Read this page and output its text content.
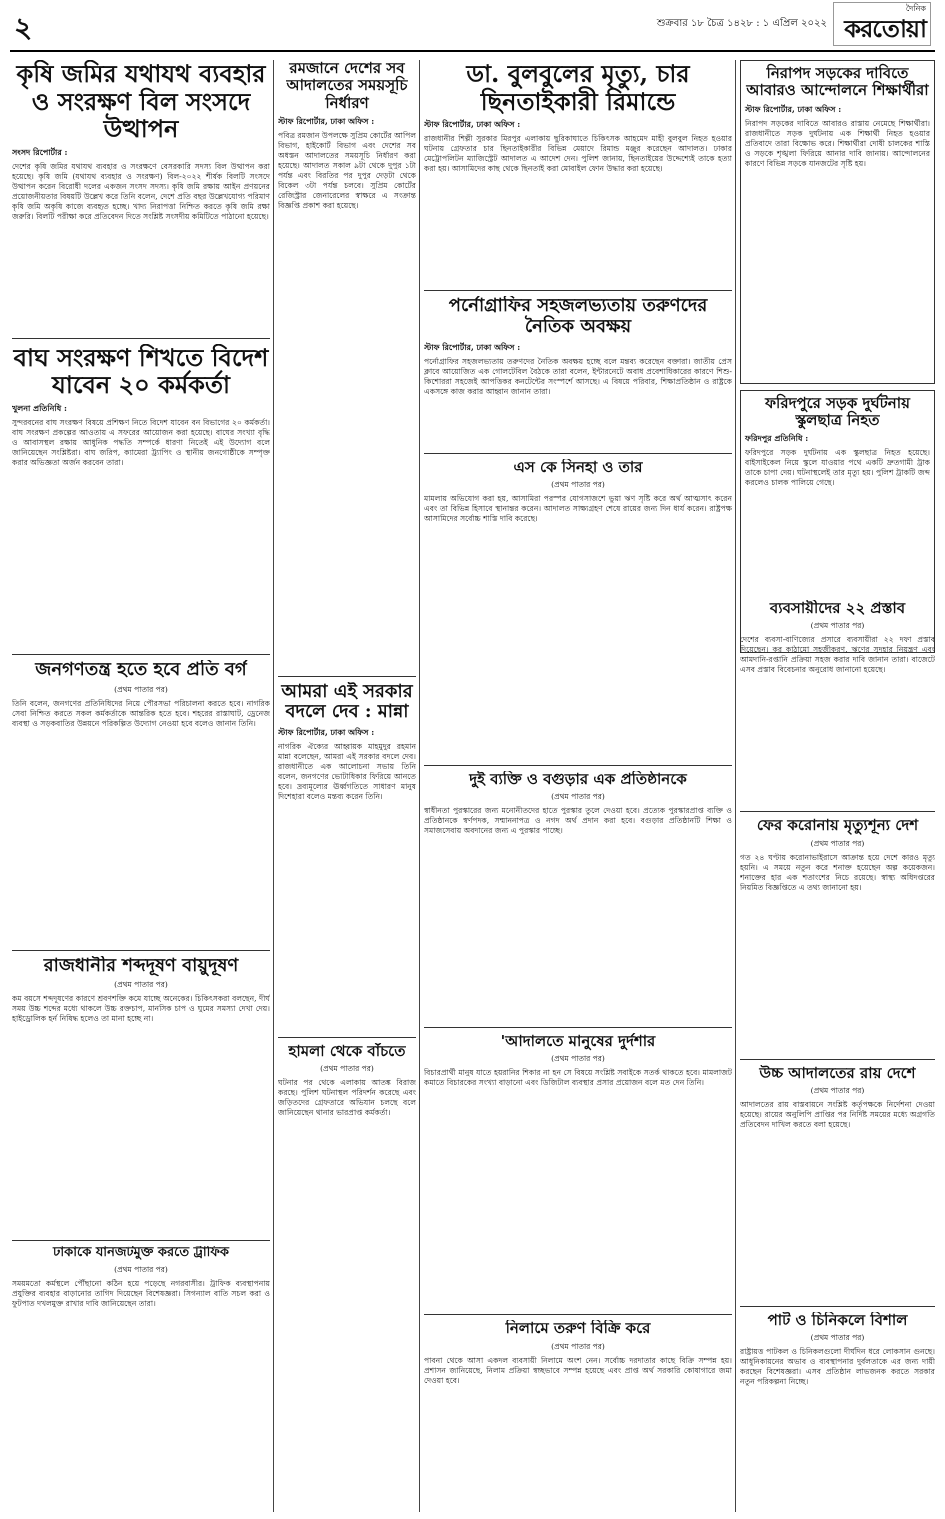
২	শুক্রবার ১৮ চৈত্র ১৪২৮ : ১ এপ্রিল ২০২২
দৈনিক
করতোয়া
কৃষি জমির যথাযথ ব্যবহার ও সংরক্ষণ বিল সংসদে উত্থাপন
সংসদ রিপোর্টার :
দেশের কৃষি জমির যথাযথ ব্যবহার ও সংরক্ষণে বেসরকারি সদস্য বিল উত্থাপন করা হয়েছে। কৃষি জমি (যথাযথ ব্যবহার ও সংরক্ষণ) বিল-২০২২ শীর্ষক বিলটি সংসদে উত্থাপন করেন বিরোধী দলের একজন সংসদ সদস্য। কৃষি জমি রক্ষায় আইন প্রণয়নের প্রয়োজনীয়তার বিষয়টি উল্লেখ করে তিনি বলেন, দেশে প্রতি বছর উল্লেখযোগ্য পরিমাণ কৃষি জমি অকৃষি কাজে ব্যবহৃত হচ্ছে। খাদ্য নিরাপত্তা নিশ্চিত করতে কৃষি জমি রক্ষা জরুরি। বিলটি পরীক্ষা করে প্রতিবেদন দিতে সংশ্লিষ্ট সংসদীয় কমিটিতে পাঠানো হয়েছে।
বাঘ সংরক্ষণ শিখতে বিদেশ যাবেন ২০ কর্মকর্তা
খুলনা প্রতিনিধি :
সুন্দরবনের বাঘ সংরক্ষণ বিষয়ে প্রশিক্ষণ নিতে বিদেশ যাবেন বন বিভাগের ২০ কর্মকর্তা। বাঘ সংরক্ষণ প্রকল্পের আওতায় এ সফরের আয়োজন করা হয়েছে। বাঘের সংখ্যা বৃদ্ধি ও আবাসস্থল রক্ষায় আধুনিক পদ্ধতি সম্পর্কে ধারণা নিতেই এই উদ্যোগ বলে জানিয়েছেন সংশ্লিষ্টরা। বাঘ জরিপ, ক্যামেরা ট্র্যাপিং ও স্থানীয় জনগোষ্ঠীকে সম্পৃক্ত করার অভিজ্ঞতা অর্জন করবেন তারা।
জনগণতন্ত্র হতে হবে প্রতি বর্গ
(প্রথম পাতার পর)
তিনি বলেন, জনগণের প্রতিনিধিদের নিয়ে পৌরসভা পরিচালনা করতে হবে। নাগরিক সেবা নিশ্চিত করতে সকল কর্মকর্তাকে আন্তরিক হতে হবে। শহরের রাস্তাঘাট, ড্রেনেজ ব্যবস্থা ও সড়কবাতির উন্নয়নে পরিকল্পিত উদ্যোগ নেওয়া হবে বলেও জানান তিনি।
রাজধানীর শব্দদূষণ বায়ুদূষণ
(প্রথম পাতার পর)
কম বয়সে শব্দদূষণের কারণে শ্রবণশক্তি কমে যাচ্ছে অনেকের। চিকিৎসকরা বলছেন, দীর্ঘ সময় উচ্চ শব্দের মধ্যে থাকলে উচ্চ রক্তচাপ, মানসিক চাপ ও ঘুমের সমস্যা দেখা দেয়। হাইড্রোলিক হর্ন নিষিদ্ধ হলেও তা মানা হচ্ছে না।
ঢাকাকে যানজটমুক্ত করতে ট্রাফিক
(প্রথম পাতার পর)
সময়মতো কর্মস্থলে পৌঁছানো কঠিন হয়ে পড়েছে নগরবাসীর। ট্রাফিক ব্যবস্থাপনায় প্রযুক্তির ব্যবহার বাড়ানোর তাগিদ দিয়েছেন বিশেষজ্ঞরা। সিগন্যাল বাতি সচল করা ও ফুটপাত দখলমুক্ত রাখার দাবি জানিয়েছেন তারা।
রমজানে দেশের সব আদালতের সময়সূচি নির্ধারণ
স্টাফ রিপোর্টার, ঢাকা অফিস :
পবিত্র রমজান উপলক্ষে সুপ্রিম কোর্টের আপিল বিভাগ, হাইকোর্ট বিভাগ এবং দেশের সব অধস্তন আদালতের সময়সূচি নির্ধারণ করা হয়েছে। আদালত সকাল ৯টা থেকে দুপুর ১টা পর্যন্ত এবং বিরতির পর দুপুর দেড়টা থেকে বিকেল ৩টা পর্যন্ত চলবে। সুপ্রিম কোর্টের রেজিস্ট্রার জেনারেলের স্বাক্ষরে এ সংক্রান্ত বিজ্ঞপ্তি প্রকাশ করা হয়েছে।
আমরা এই সরকার বদলে দেব : মান্না
স্টাফ রিপোর্টার, ঢাকা অফিস :
নাগরিক ঐক্যের আহ্বায়ক মাহমুদুর রহমান মান্না বলেছেন, আমরা এই সরকার বদলে দেব। রাজধানীতে এক আলোচনা সভায় তিনি বলেন, জনগণের ভোটাধিকার ফিরিয়ে আনতে হবে। দ্রব্যমূল্যের ঊর্ধ্বগতিতে সাধারণ মানুষ দিশেহারা বলেও মন্তব্য করেন তিনি।
হামলা থেকে বাঁচতে
(প্রথম পাতার পর)
ঘটনার পর থেকে এলাকায় আতঙ্ক বিরাজ করছে। পুলিশ ঘটনাস্থল পরিদর্শন করেছে এবং জড়িতদের গ্রেফতারে অভিযান চলছে বলে জানিয়েছেন থানার ভারপ্রাপ্ত কর্মকর্তা।
ডা. বুলবুলের মৃত্যু, চার ছিনতাইকারী রিমান্ডে
স্টাফ রিপোর্টার, ঢাকা অফিস :
রাজধানীর শিল্পী সুরকার মিরপুর এলাকায় ছুরিকাঘাতে চিকিৎসক আহমেদ মাহী বুলবুল নিহত হওয়ার ঘটনায় গ্রেফতার চার ছিনতাইকারীর বিভিন্ন মেয়াদে রিমান্ড মঞ্জুর করেছেন আদালত। ঢাকার মেট্রোপলিটন ম্যাজিস্ট্রেট আদালত এ আদেশ দেন। পুলিশ জানায়, ছিনতাইয়ের উদ্দেশ্যেই তাকে হত্যা করা হয়। আসামিদের কাছ থেকে ছিনতাই করা মোবাইল ফোন উদ্ধার করা হয়েছে।
পর্নোগ্রাফির সহজলভ্যতায় তরুণদের নৈতিক অবক্ষয়
স্টাফ রিপোর্টার, ঢাকা অফিস :
পর্নোগ্রাফির সহজলভ্যতায় তরুণদের নৈতিক অবক্ষয় হচ্ছে বলে মন্তব্য করেছেন বক্তারা। জাতীয় প্রেস ক্লাবে আয়োজিত এক গোলটেবিল বৈঠকে তারা বলেন, ইন্টারনেটে অবাধ প্রবেশাধিকারের কারণে শিশু-কিশোররা সহজেই আপত্তিকর কনটেন্টের সংস্পর্শে আসছে। এ বিষয়ে পরিবার, শিক্ষাপ্রতিষ্ঠান ও রাষ্ট্রকে একসঙ্গে কাজ করার আহ্বান জানান তারা।
এস কে সিনহা ও তার
(প্রথম পাতার পর)
মামলায় অভিযোগ করা হয়, আসামিরা পরস্পর যোগসাজশে ভুয়া ঋণ সৃষ্টি করে অর্থ আত্মসাৎ করেন এবং তা বিভিন্ন হিসাবে স্থানান্তর করেন। আদালত সাক্ষ্যগ্রহণ শেষে রায়ের জন্য দিন ধার্য করেন। রাষ্ট্রপক্ষ আসামিদের সর্বোচ্চ শাস্তি দাবি করেছে।
দুই ব্যক্তি ও বগুড়ার এক প্রতিষ্ঠানকে
(প্রথম পাতার পর)
স্বাধীনতা পুরস্কারের জন্য মনোনীতদের হাতে পুরস্কার তুলে দেওয়া হবে। প্রত্যেক পুরস্কারপ্রাপ্ত ব্যক্তি ও প্রতিষ্ঠানকে স্বর্ণপদক, সম্মাননাপত্র ও নগদ অর্থ প্রদান করা হবে। বগুড়ার প্রতিষ্ঠানটি শিক্ষা ও সমাজসেবায় অবদানের জন্য এ পুরস্কার পাচ্ছে।
'আদালতে মানুষের দুর্দশার
(প্রথম পাতার পর)
বিচারপ্রার্থী মানুষ যাতে হয়রানির শিকার না হন সে বিষয়ে সংশ্লিষ্ট সবাইকে সতর্ক থাকতে হবে। মামলাজট কমাতে বিচারকের সংখ্যা বাড়ানো এবং ডিজিটাল ব্যবস্থার প্রসার প্রয়োজন বলে মত দেন তিনি।
নিলামে তরুণ বিক্রি করে
(প্রথম পাতার পর)
পাবনা থেকে আসা একদল ব্যবসায়ী নিলামে অংশ নেন। সর্বোচ্চ দরদাতার কাছে বিক্রি সম্পন্ন হয়। প্রশাসন জানিয়েছে, নিলাম প্রক্রিয়া স্বচ্ছভাবে সম্পন্ন হয়েছে এবং প্রাপ্ত অর্থ সরকারি কোষাগারে জমা দেওয়া হবে।
নিরাপদ সড়কের দাবিতে আবারও আন্দোলনে শিক্ষার্থীরা
স্টাফ রিপোর্টার, ঢাকা অফিস :
নিরাপদ সড়কের দাবিতে আবারও রাস্তায় নেমেছে শিক্ষার্থীরা। রাজধানীতে সড়ক দুর্ঘটনায় এক শিক্ষার্থী নিহত হওয়ার প্রতিবাদে তারা বিক্ষোভ করে। শিক্ষার্থীরা দোষী চালকের শাস্তি ও সড়কে শৃঙ্খলা ফিরিয়ে আনার দাবি জানায়। আন্দোলনের কারণে বিভিন্ন সড়কে যানজটের সৃষ্টি হয়।
ফরিদপুরে সড়ক দুর্ঘটনায় স্কুলছাত্র নিহত
ফরিদপুর প্রতিনিধি :
ফরিদপুরে সড়ক দুর্ঘটনায় এক স্কুলছাত্র নিহত হয়েছে। বাইসাইকেল নিয়ে স্কুলে যাওয়ার পথে একটি দ্রুতগামী ট্রাক তাকে চাপা দেয়। ঘটনাস্থলেই তার মৃত্যু হয়। পুলিশ ট্রাকটি জব্দ করলেও চালক পালিয়ে গেছে।
ব্যবসায়ীদের ২২ প্রস্তাব
(প্রথম পাতার পর)
দেশের ব্যবসা-বাণিজ্যের প্রসারে ব্যবসায়ীরা ২২ দফা প্রস্তাব দিয়েছেন। কর কাঠামো সহজীকরণ, ঋণের সুদহার নিয়ন্ত্রণ এবং আমদানি-রপ্তানি প্রক্রিয়া সহজ করার দাবি জানান তারা। বাজেটে এসব প্রস্তাব বিবেচনার অনুরোধ জানানো হয়েছে।
ফের করোনায় মৃত্যুশূন্য দেশ
(প্রথম পাতার পর)
গত ২৪ ঘণ্টায় করোনাভাইরাসে আক্রান্ত হয়ে দেশে কারও মৃত্যু হয়নি। এ সময়ে নতুন করে শনাক্ত হয়েছেন অল্প কয়েকজন। শনাক্তের হার এক শতাংশের নিচে রয়েছে। স্বাস্থ্য অধিদপ্তরের নিয়মিত বিজ্ঞপ্তিতে এ তথ্য জানানো হয়।
উচ্চ আদালতের রায় দেশে
(প্রথম পাতার পর)
আদালতের রায় বাস্তবায়নে সংশ্লিষ্ট কর্তৃপক্ষকে নির্দেশনা দেওয়া হয়েছে। রায়ের অনুলিপি প্রাপ্তির পর নির্দিষ্ট সময়ের মধ্যে অগ্রগতি প্রতিবেদন দাখিল করতে বলা হয়েছে।
পাট ও চিনিকলে বিশাল
(প্রথম পাতার পর)
রাষ্ট্রায়ত্ত পাটকল ও চিনিকলগুলো দীর্ঘদিন ধরে লোকসান গুনছে। আধুনিকায়নের অভাব ও ব্যবস্থাপনার দুর্বলতাকে এর জন্য দায়ী করছেন বিশেষজ্ঞরা। এসব প্রতিষ্ঠান লাভজনক করতে সরকার নতুন পরিকল্পনা নিচ্ছে।
